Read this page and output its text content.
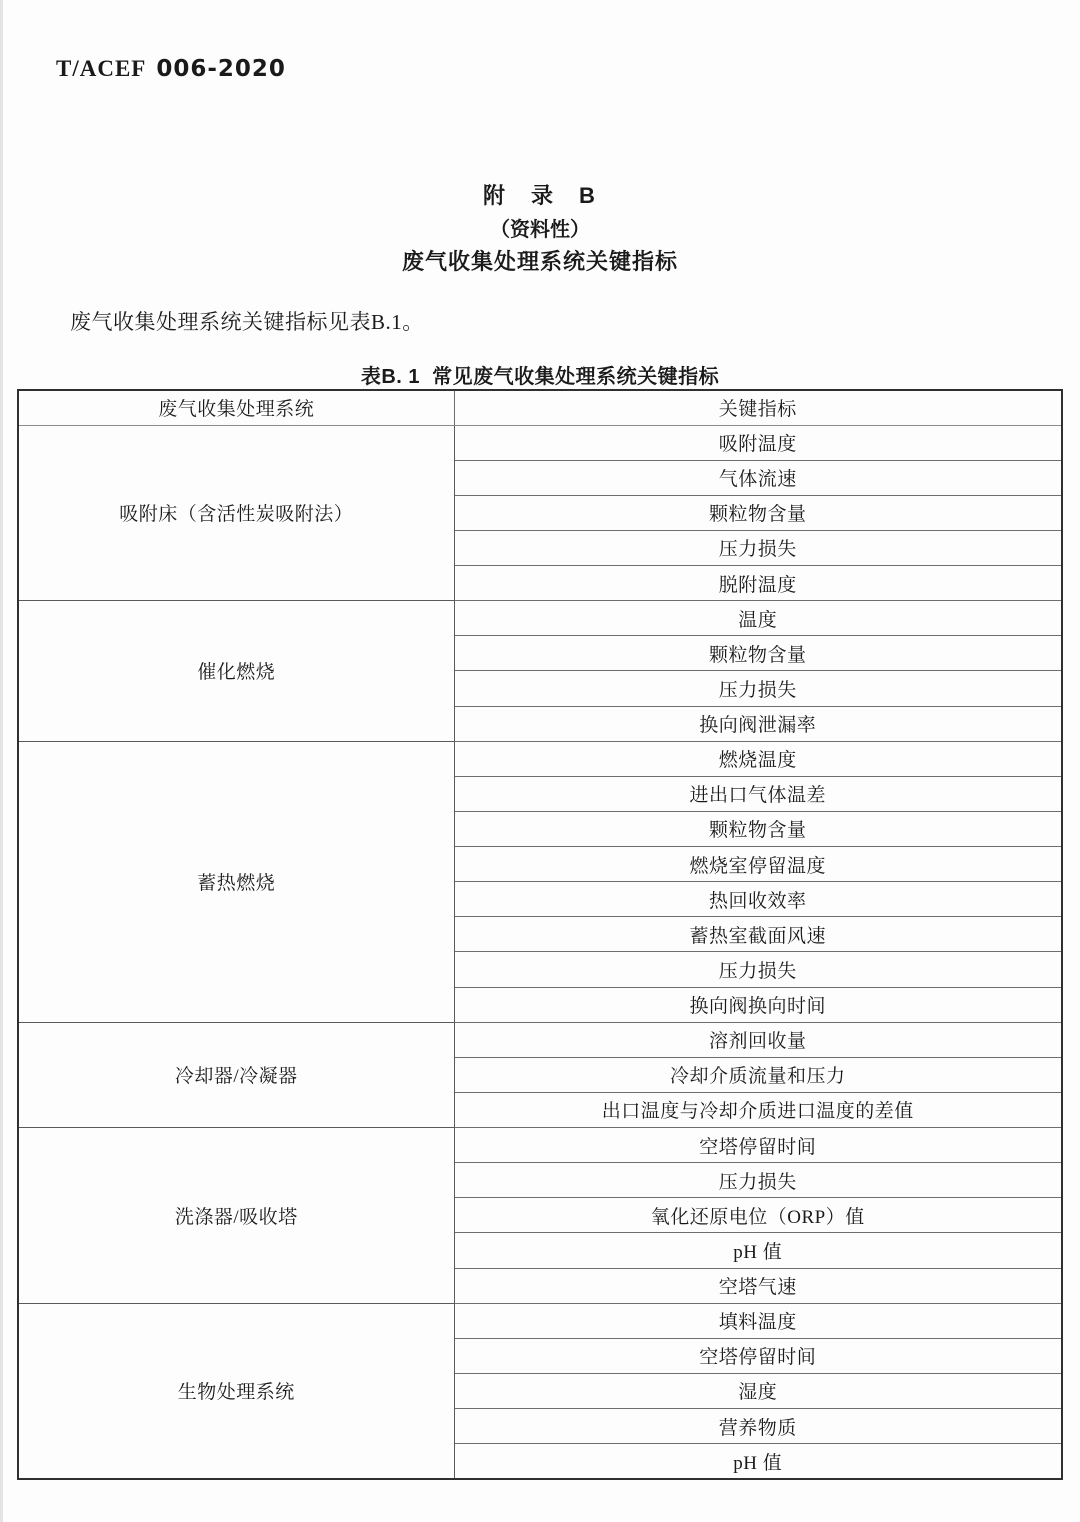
T/ACEF 006-2020

附　录　B
（资料性）
废气收集处理系统关键指标

废气收集处理系统关键指标见表B.1。

表B. 1  常见废气收集处理系统关键指标
废气收集处理系统	关键指标
吸附床（含活性炭吸附法）	吸附温度
	气体流速
	颗粒物含量
	压力损失
	脱附温度
催化燃烧	温度
	颗粒物含量
	压力损失
	换向阀泄漏率
蓄热燃烧	燃烧温度
	进出口气体温差
	颗粒物含量
	燃烧室停留温度
	热回收效率
	蓄热室截面风速
	压力损失
	换向阀换向时间
冷却器/冷凝器	溶剂回收量
	冷却介质流量和压力
	出口温度与冷却介质进口温度的差值
洗涤器/吸收塔	空塔停留时间
	压力损失
	氧化还原电位（ORP）值
	pH 值
	空塔气速
生物处理系统	填料温度
	空塔停留时间
	湿度
	营养物质
	pH 值
